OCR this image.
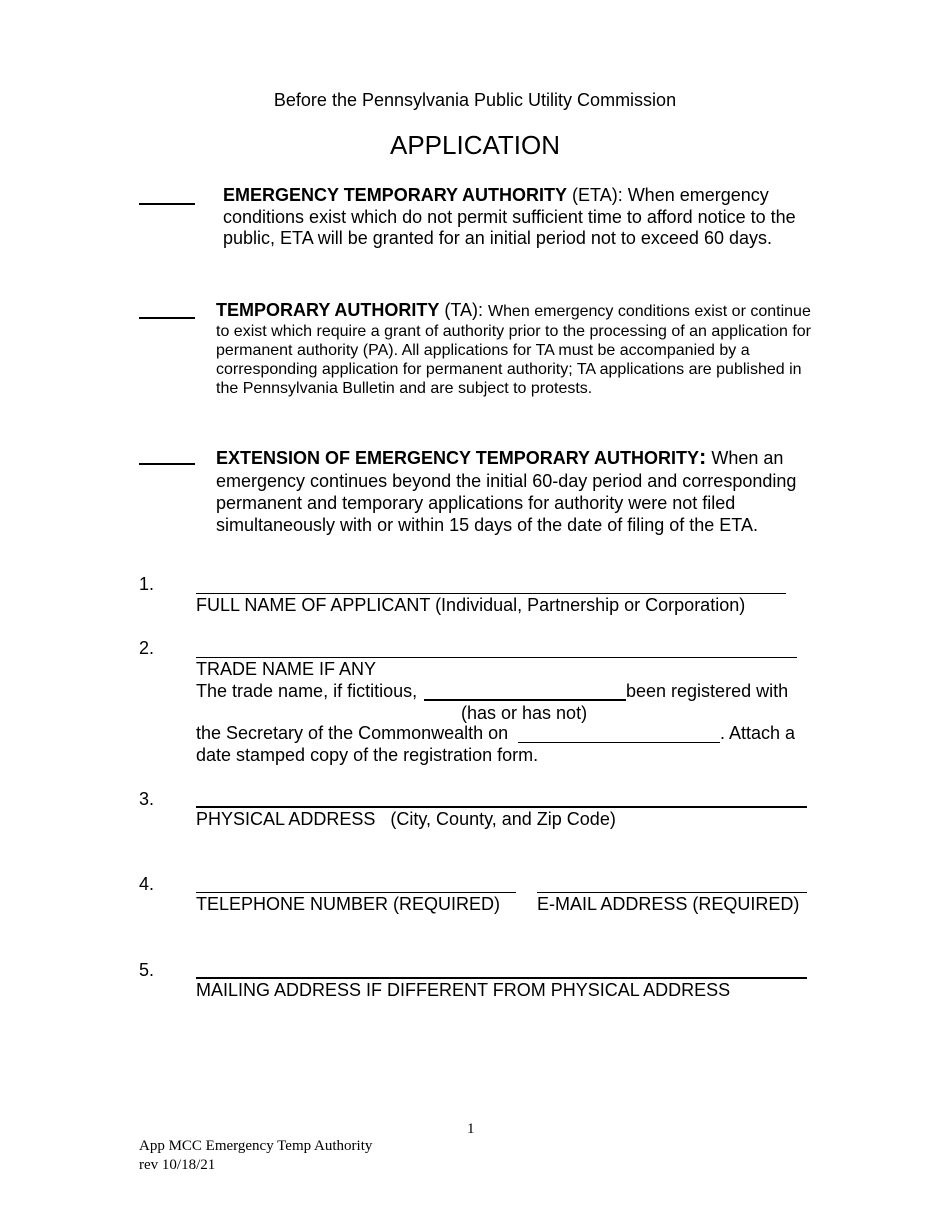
Before the Pennsylvania Public Utility Commission
APPLICATION
EMERGENCY TEMPORARY AUTHORITY (ETA): When emergency conditions exist which do not permit sufficient time to afford notice to the public, ETA will be granted for an initial period not to exceed 60 days.
TEMPORARY AUTHORITY (TA): When emergency conditions exist or continue to exist which require a grant of authority prior to the processing of an application for permanent authority (PA). All applications for TA must be accompanied by a corresponding application for permanent authority; TA applications are published in the Pennsylvania Bulletin and are subject to protests.
EXTENSION OF EMERGENCY TEMPORARY AUTHORITY: When an emergency continues beyond the initial 60-day period and corresponding permanent and temporary applications for authority were not filed simultaneously with or within 15 days of the date of filing of the ETA.
1.
FULL NAME OF APPLICANT (Individual, Partnership or Corporation)
2.
TRADE NAME IF ANY
The trade name, if fictitious,	been registered with
(has or has not)
the Secretary of the Commonwealth on	. Attach a
date stamped copy of the registration form.
3.
PHYSICAL ADDRESS   (City, County, and Zip Code)
4.
TELEPHONE NUMBER (REQUIRED) E-MAIL ADDRESS (REQUIRED)
5.
MAILING ADDRESS IF DIFFERENT FROM PHYSICAL ADDRESS
1
App MCC Emergency Temp Authority
rev 10/18/21
